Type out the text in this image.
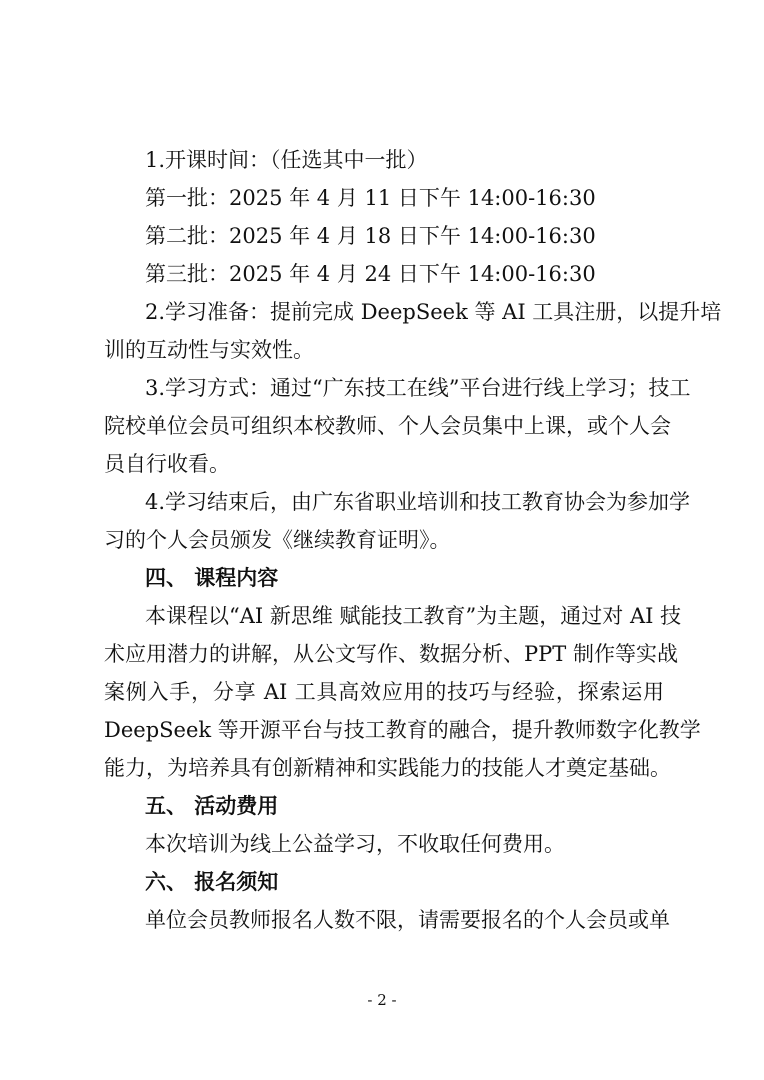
1.开课时间：（任选其中一批）
第一批：2025 年 4 月 11 日下午 14:00-16:30
第二批：2025 年 4 月 18 日下午 14:00-16:30
第三批：2025 年 4 月 24 日下午 14:00-16:30
2.学习准备：提前完成 DeepSeek 等 AI 工具注册，以提升培
训的互动性与实效性。
3.学习方式：通过“广东技工在线”平台进行线上学习；技工
院校单位会员可组织本校教师、个人会员集中上课，或个人会
员自行收看。
4.学习结束后，由广东省职业培训和技工教育协会为参加学
习的个人会员颁发《继续教育证明》。
四、 课程内容
本课程以“AI 新思维 赋能技工教育”为主题，通过对 AI 技
术应用潜力的讲解，从公文写作、数据分析、PPT 制作等实战
案例入手，分享 AI 工具高效应用的技巧与经验，探索运用
DeepSeek 等开源平台与技工教育的融合，提升教师数字化教学
能力，为培养具有创新精神和实践能力的技能人才奠定基础。
五、 活动费用
本次培训为线上公益学习，不收取任何费用。
六、 报名须知
单位会员教师报名人数不限，请需要报名的个人会员或单
- 2 -
